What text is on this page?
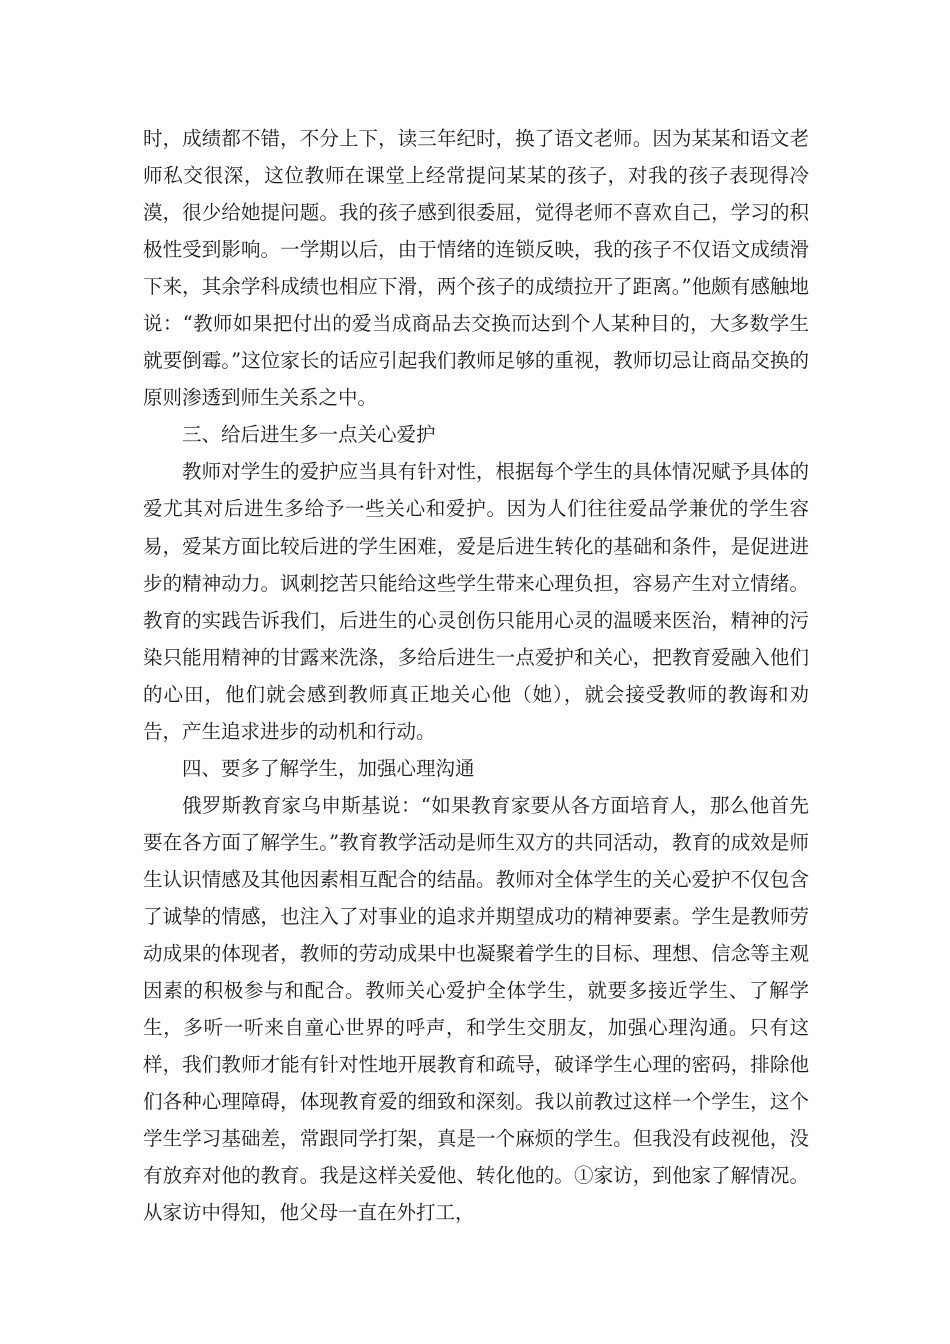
时，成绩都不错，不分上下，读三年纪时，换了语文老师。因为某某和语文老师私交很深，这位教师在课堂上经常提问某某的孩子，对我的孩子表现得冷漠，很少给她提问题。我的孩子感到很委屈，觉得老师不喜欢自己，学习的积极性受到影响。一学期以后，由于情绪的连锁反映，我的孩子不仅语文成绩滑下来，其余学科成绩也相应下滑，两个孩子的成绩拉开了距离。”他颇有感触地说：“教师如果把付出的爱当成商品去交换而达到个人某种目的，大多数学生就要倒霉。”这位家长的话应引起我们教师足够的重视，教师切忌让商品交换的原则渗透到师生关系之中。

三、给后进生多一点关心爱护

教师对学生的爱护应当具有针对性，根据每个学生的具体情况赋予具体的爱尤其对后进生多给予一些关心和爱护。因为人们往往爱品学兼优的学生容易，爱某方面比较后进的学生困难，爱是后进生转化的基础和条件，是促进进步的精神动力。讽刺挖苦只能给这些学生带来心理负担，容易产生对立情绪。教育的实践告诉我们，后进生的心灵创伤只能用心灵的温暖来医治，精神的污染只能用精神的甘露来洗涤，多给后进生一点爱护和关心，把教育爱融入他们的心田，他们就会感到教师真正地关心他（她），就会接受教师的教诲和劝告，产生追求进步的动机和行动。

四、要多了解学生，加强心理沟通

俄罗斯教育家乌申斯基说：“如果教育家要从各方面培育人，那么他首先要在各方面了解学生。”教育教学活动是师生双方的共同活动，教育的成效是师生认识情感及其他因素相互配合的结晶。教师对全体学生的关心爱护不仅包含了诚挚的情感，也注入了对事业的追求并期望成功的精神要素。学生是教师劳动成果的体现者，教师的劳动成果中也凝聚着学生的目标、理想、信念等主观因素的积极参与和配合。教师关心爱护全体学生，就要多接近学生、了解学生，多听一听来自童心世界的呼声，和学生交朋友，加强心理沟通。只有这样，我们教师才能有针对性地开展教育和疏导，破译学生心理的密码，排除他们各种心理障碍，体现教育爱的细致和深刻。我以前教过这样一个学生，这个学生学习基础差，常跟同学打架，真是一个麻烦的学生。但我没有歧视他，没有放弃对他的教育。我是这样关爱他、转化他的。①家访，到他家了解情况。从家访中得知，他父母一直在外打工，
